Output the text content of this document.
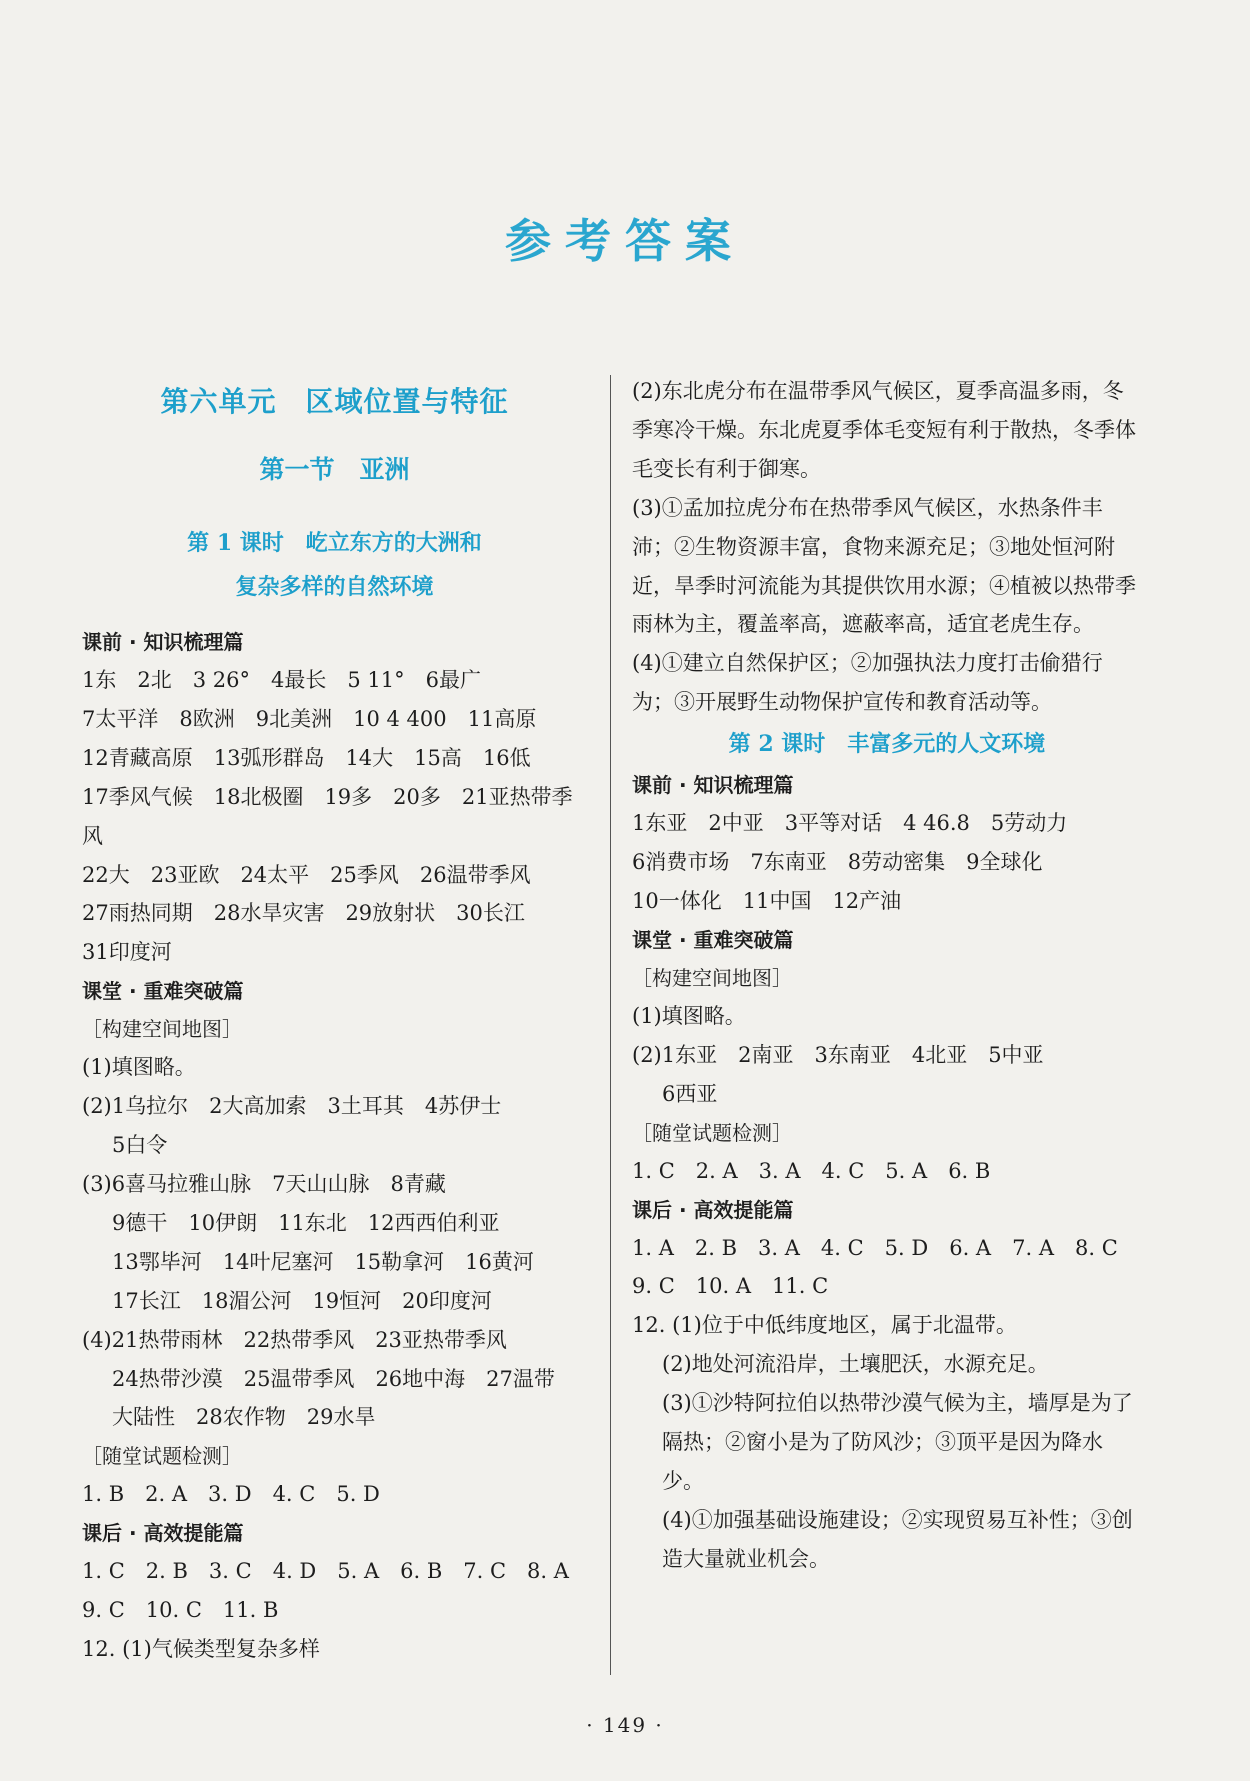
参考答案
第六单元　区域位置与特征
第一节　亚洲
第 1 课时　屹立东方的大洲和
复杂多样的自然环境
课前 · 知识梳理篇

1东　2北　3 26°　4最长　5 11°　6最广

7太平洋　8欧洲　9北美洲　10 4 400　11高原

12青藏高原　13弧形群岛　14大　15高　16低

17季风气候　18北极圈　19多　20多　21亚热带季风

22大　23亚欧　24太平　25季风　26温带季风

27雨热同期　28水旱灾害　29放射状　30长江

31印度河

课堂 · 重难突破篇
［构建空间地图］

(1)填图略。

(2)1乌拉尔　2大高加索　3土耳其　4苏伊士

5白令

(3)6喜马拉雅山脉　7天山山脉　8青藏

9德干　10伊朗　11东北　12西西伯利亚

13鄂毕河　14叶尼塞河　15勒拿河　16黄河

17长江　18湄公河　19恒河　20印度河

(4)21热带雨林　22热带季风　23亚热带季风

24热带沙漠　25温带季风　26地中海　27温带

大陆性　28农作物　29水旱

［随堂试题检测］

1. B　2. A　3. D　4. C　5. D

课后 · 高效提能篇

1. C　2. B　3. C　4. D　5. A　6. B　7. C　8. A

9. C　10. C　11. B

12. (1)气候类型复杂多样

(2)东北虎分布在温带季风气候区，夏季高温多雨，冬季寒冷干燥。东北虎夏季体毛变短有利于散热，冬季体毛变长有利于御寒。

(3)①孟加拉虎分布在热带季风气候区，水热条件丰沛；②生物资源丰富，食物来源充足；③地处恒河附近，旱季时河流能为其提供饮用水源；④植被以热带季雨林为主，覆盖率高，遮蔽率高，适宜老虎生存。

(4)①建立自然保护区；②加强执法力度打击偷猎行为；③开展野生动物保护宣传和教育活动等。

第 2 课时　丰富多元的人文环境
课前 · 知识梳理篇

1东亚　2中亚　3平等对话　4 46.8　5劳动力

6消费市场　7东南亚　8劳动密集　9全球化

10一体化　11中国　12产油

课堂 · 重难突破篇
［构建空间地图］

(1)填图略。

(2)1东亚　2南亚　3东南亚　4北亚　5中亚

6西亚

［随堂试题检测］

1. C　2. A　3. A　4. C　5. A　6. B

课后 · 高效提能篇

1. A　2. B　3. A　4. C　5. D　6. A　7. A　8. C

9. C　10. A　11. C

12. (1)位于中低纬度地区，属于北温带。

(2)地处河流沿岸，土壤肥沃，水源充足。

(3)①沙特阿拉伯以热带沙漠气候为主，墙厚是为了隔热；②窗小是为了防风沙；③顶平是因为降水少。

(4)①加强基础设施建设；②实现贸易互补性；③创造大量就业机会。

· 149 ·
